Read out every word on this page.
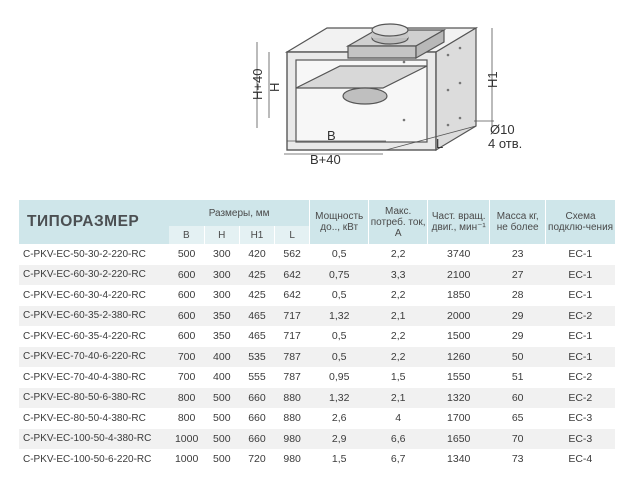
H+40 H	H1
B
B+40
L
Ø10
4 отв.
ТИПОРАЗМЕР	Размеры, мм				Мощность до.., кВт	Макс. потреб. ток, А	Част. вращ. двиг., мин⁻¹	Масса кг, не более	Схема подклю-чения
	B	H	H1	L					
C-PKV-EC-50-30-2-220-RC	500	300	420	562	0,5	2,2	3740	23	EC-1
C-PKV-EC-60-30-2-220-RC	600	300	425	642	0,75	3,3	2100	27	EC-1
C-PKV-EC-60-30-4-220-RC	600	300	425	642	0,5	2,2	1850	28	EC-1
C-PKV-EC-60-35-2-380-RC	600	350	465	717	1,32	2,1	2000	29	EC-2
C-PKV-EC-60-35-4-220-RC	600	350	465	717	0,5	2,2	1500	29	EC-1
C-PKV-EC-70-40-6-220-RC	700	400	535	787	0,5	2,2	1260	50	EC-1
C-PKV-EC-70-40-4-380-RC	700	400	555	787	0,95	1,5	1550	51	EC-2
C-PKV-EC-80-50-6-380-RC	800	500	660	880	1,32	2,1	1320	60	EC-2
C-PKV-EC-80-50-4-380-RC	800	500	660	880	2,6	4	1700	65	EC-3
C-PKV-EC-100-50-4-380-RC	1000	500	660	980	2,9	6,6	1650	70	EC-3
C-PKV-EC-100-50-6-220-RC	1000	500	720	980	1,5	6,7	1340	73	EC-4
